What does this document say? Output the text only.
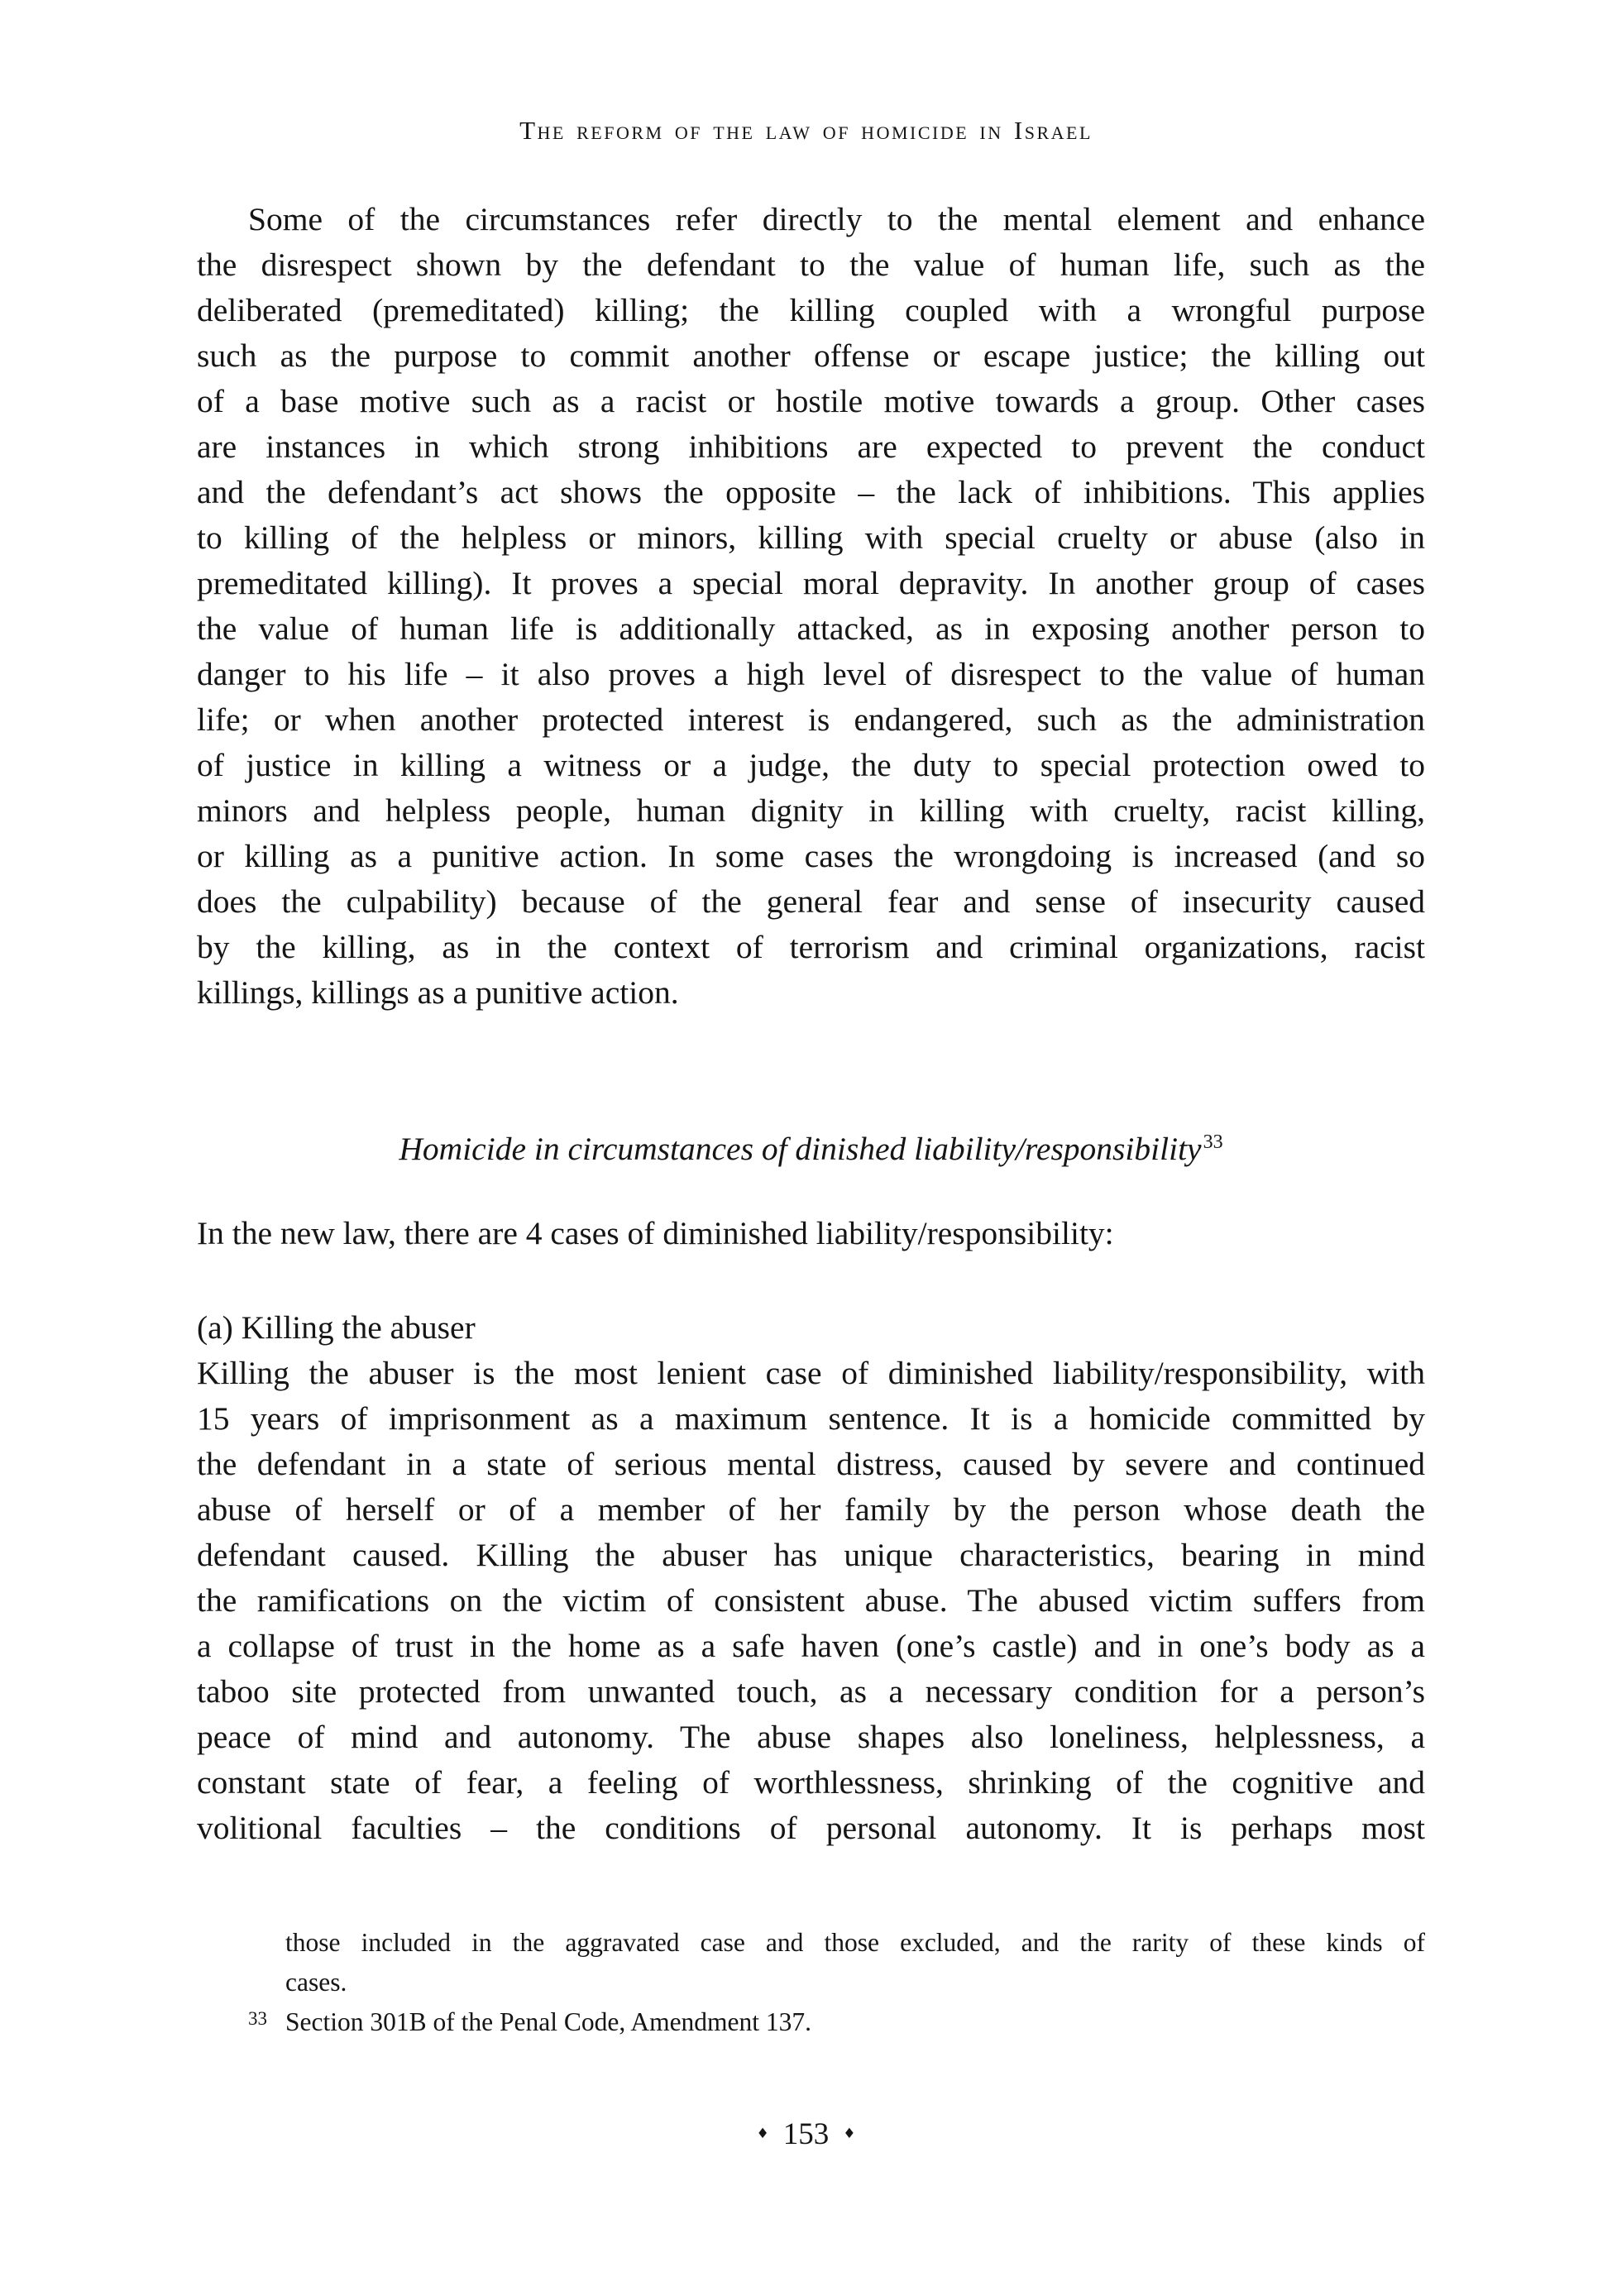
The reform of the law of homicide in Israel
Some of the circumstances refer directly to the mental element and enhance
the disrespect shown by the defendant to the value of human life, such as the
deliberated (premeditated) killing; the killing coupled with a wrongful purpose
such as the purpose to commit another offense or escape justice; the killing out
of a base motive such as a racist or hostile motive towards a group. Other cases
are instances in which strong inhibitions are expected to prevent the conduct
and the defendant’s act shows the opposite – the lack of inhibitions. This applies
to killing of the helpless or minors, killing with special cruelty or abuse (also in
premeditated killing). It proves a special moral depravity. In another group of cases
the value of human life is additionally attacked, as in exposing another person to
danger to his life – it also proves a high level of disrespect to the value of human
life; or when another protected interest is endangered, such as the administration
of justice in killing a witness or a judge, the duty to special protection owed to
minors and helpless people, human dignity in killing with cruelty, racist killing,
or killing as a punitive action. In some cases the wrongdoing is increased (and so
does the culpability) because of the general fear and sense of insecurity caused
by the killing, as in the context of terrorism and criminal organizations, racist
killings, killings as a punitive action.
Homicide in circumstances of dinished liability/responsibility$^{33}$
In the new law, there are 4 cases of diminished liability/responsibility:
(a) Killing the abuser
Killing the abuser is the most lenient case of diminished liability/responsibility, with
15 years of imprisonment as a maximum sentence. It is a homicide committed by
the defendant in a state of serious mental distress, caused by severe and continued
abuse of herself or of a member of her family by the person whose death the
defendant caused. Killing the abuser has unique characteristics, bearing in mind
the ramifications on the victim of consistent abuse. The abused victim suffers from
a collapse of trust in the home as a safe haven (one’s castle) and in one’s body as a
taboo site protected from unwanted touch, as a necessary condition for a person’s
peace of mind and autonomy. The abuse shapes also loneliness, helplessness, a
constant state of fear, a feeling of worthlessness, shrinking of the cognitive and
volitional faculties – the conditions of personal autonomy. It is perhaps most
those included in the aggravated case and those excluded, and the rarity of these kinds of
cases.
33 Section 301B of the Penal Code, Amendment 137.
♦ 153 ♦
